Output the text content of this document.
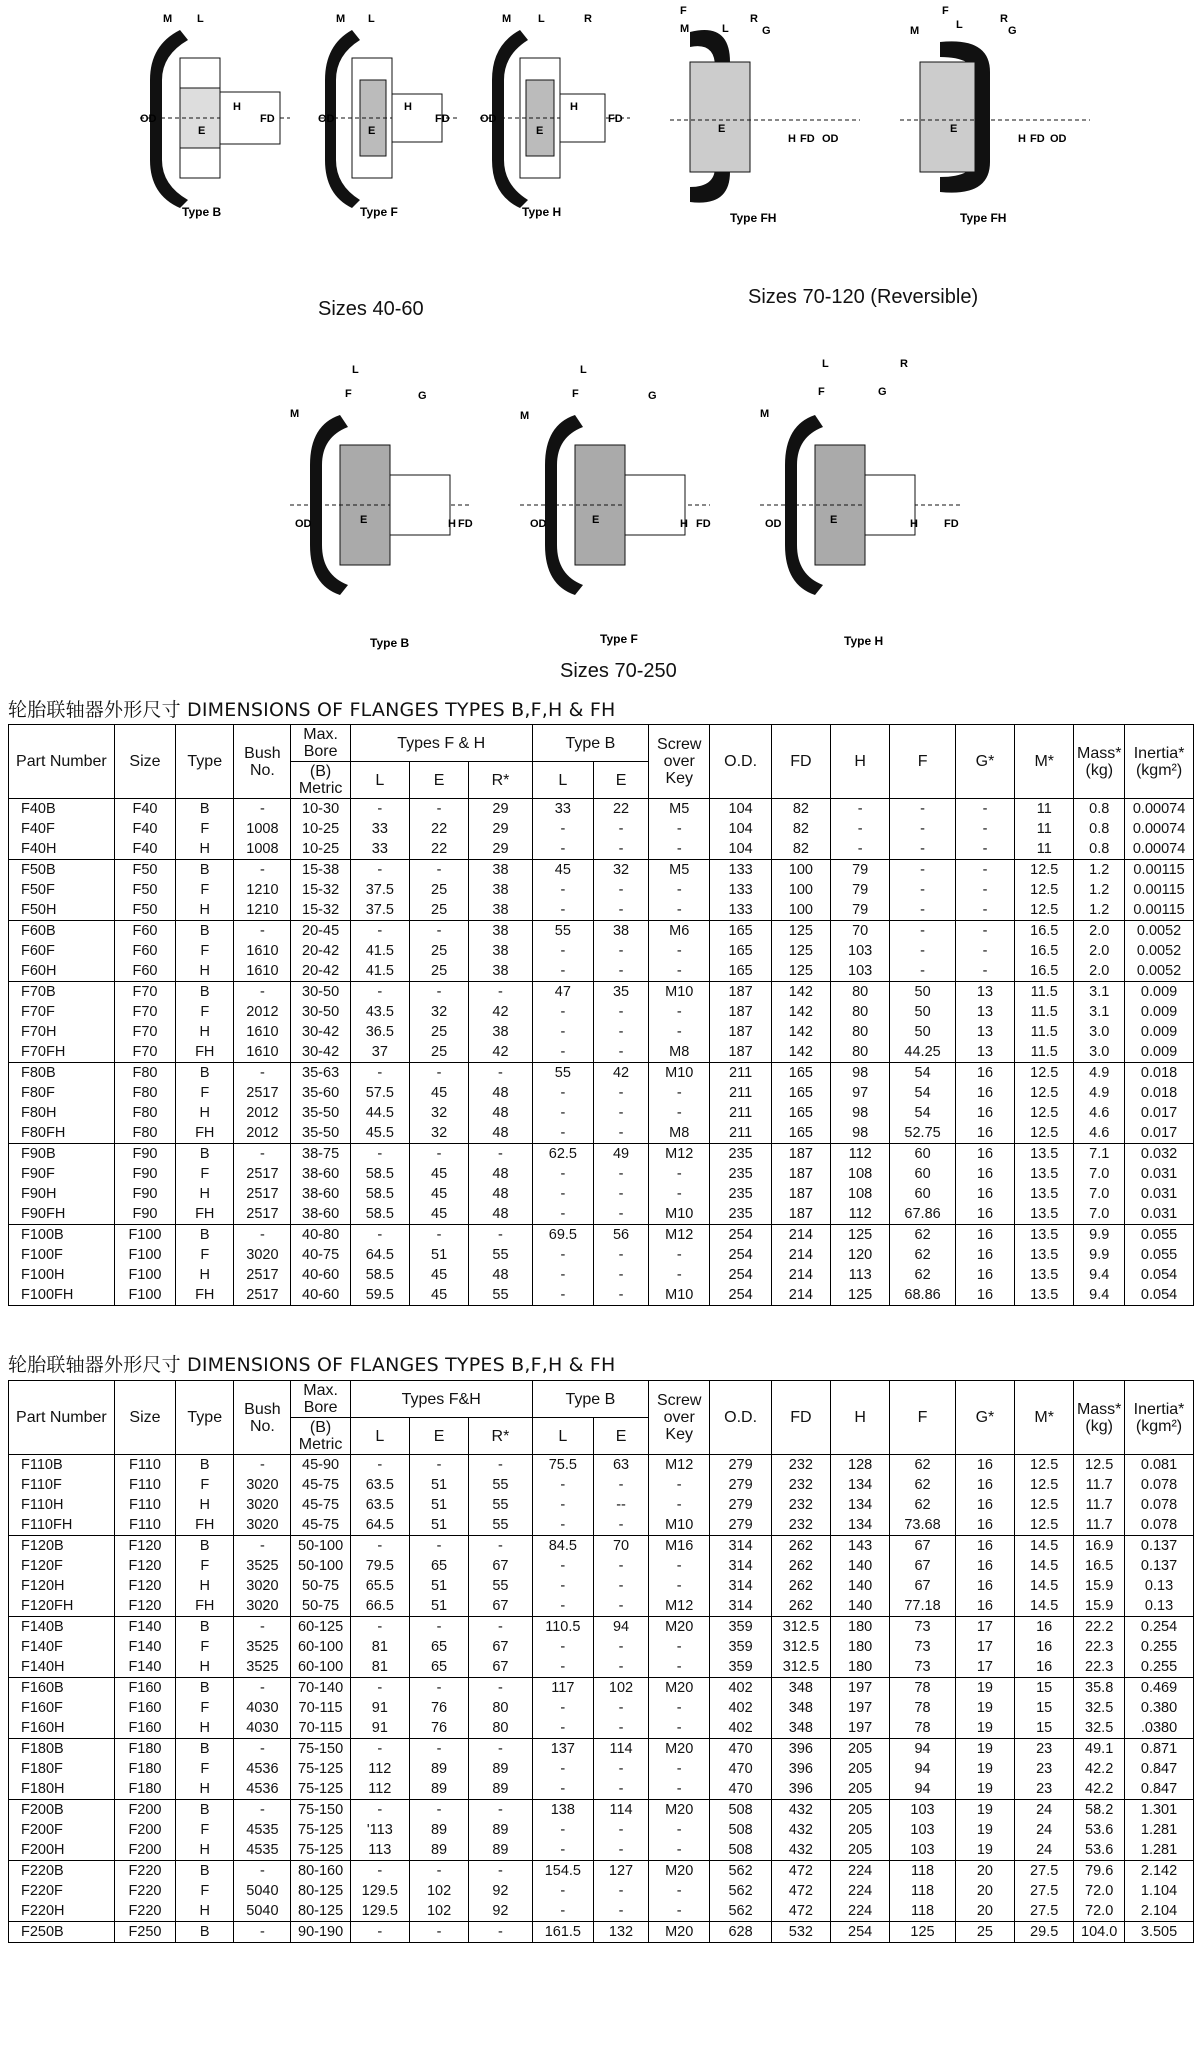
OD
H
FD
E
M L
Type B
OD
H
FD
E
M L
Type F
OD
H
FD
E
M L	R
Type H
F
R
M	L	G
E
H FD OD
Type FH
F
R
L	G
M
E
H FD OD
Type FH
Sizes 40-60
Sizes 70-120 (Reversible)
L
F	G
M
OD	E	H FD
Type B
L
F	G
M
OD	E	H FD
Type F
L	R
F	G
M
OD	E	H FD
Type H
Sizes 70-250
轮胎联轴器外形尺寸 DIMENSIONS OF FLANGES TYPES B,F,H & FH
Part Number	Size	Type	Bush No.	Max. Bore	Types F & H			Type B		Screw over Key	O.D.	FD	H	F	G*	M*	Mass* (kg)	Inertia* (kgm²)
				(B) Metric	L	E	R*	L	E									
F40B	F40	B	-	10-30	-	-	29	33	22	M5	104	82	-	-	-	11	0.8	0.00074
F40F	F40	F	1008	10-25	33	22	29	-	-	-	104	82	-	-	-	11	0.8	0.00074
F40H	F40	H	1008	10-25	33	22	29	-	-	-	104	82	-	-	-	11	0.8	0.00074
F50B	F50	B	-	15-38	-	-	38	45	32	M5	133	100	79	-	-	12.5	1.2	0.00115
F50F	F50	F	1210	15-32	37.5	25	38	-	-	-	133	100	79	-	-	12.5	1.2	0.00115
F50H	F50	H	1210	15-32	37.5	25	38	-	-	-	133	100	79	-	-	12.5	1.2	0.00115
F60B	F60	B	-	20-45	-	-	38	55	38	M6	165	125	70	-	-	16.5	2.0	0.0052
F60F	F60	F	1610	20-42	41.5	25	38	-	-	-	165	125	103	-	-	16.5	2.0	0.0052
F60H	F60	H	1610	20-42	41.5	25	38	-	-	-	165	125	103	-	-	16.5	2.0	0.0052
F70B	F70	B	-	30-50	-	-	-	47	35	M10	187	142	80	50	13	11.5	3.1	0.009
F70F	F70	F	2012	30-50	43.5	32	42	-	-	-	187	142	80	50	13	11.5	3.1	0.009
F70H	F70	H	1610	30-42	36.5	25	38	-	-	-	187	142	80	50	13	11.5	3.0	0.009
F70FH	F70	FH	1610	30-42	37	25	42	-	-	M8	187	142	80	44.25	13	11.5	3.0	0.009
F80B	F80	B	-	35-63	-	-	-	55	42	M10	211	165	98	54	16	12.5	4.9	0.018
F80F	F80	F	2517	35-60	57.5	45	48	-	-	-	211	165	97	54	16	12.5	4.9	0.018
F80H	F80	H	2012	35-50	44.5	32	48	-	-	-	211	165	98	54	16	12.5	4.6	0.017
F80FH	F80	FH	2012	35-50	45.5	32	48	-	-	M8	211	165	98	52.75	16	12.5	4.6	0.017
F90B	F90	B	-	38-75	-	-	-	62.5	49	M12	235	187	112	60	16	13.5	7.1	0.032
F90F	F90	F	2517	38-60	58.5	45	48	-	-	-	235	187	108	60	16	13.5	7.0	0.031
F90H	F90	H	2517	38-60	58.5	45	48	-	-	-	235	187	108	60	16	13.5	7.0	0.031
F90FH	F90	FH	2517	38-60	58.5	45	48	-	-	M10	235	187	112	67.86	16	13.5	7.0	0.031
F100B	F100	B	-	40-80	-	-	-	69.5	56	M12	254	214	125	62	16	13.5	9.9	0.055
F100F	F100	F	3020	40-75	64.5	51	55	-	-	-	254	214	120	62	16	13.5	9.9	0.055
F100H	F100	H	2517	40-60	58.5	45	48	-	-	-	254	214	113	62	16	13.5	9.4	0.054
F100FH	F100	FH	2517	40-60	59.5	45	55	-	-	M10	254	214	125	68.86	16	13.5	9.4	0.054
轮胎联轴器外形尺寸 DIMENSIONS OF FLANGES TYPES B,F,H & FH
Part Number	Size	Type	Bush No.	Max. Bore	Types F&H			Type B		Screw over Key	O.D.	FD	H	F	G*	M*	Mass* (kg)	Inertia* (kgm²)
				(B) Metric	L	E	R*	L	E									
F110B	F110	B	-	45-90	-	-	-	75.5	63	M12	279	232	128	62	16	12.5	12.5	0.081
F110F	F110	F	3020	45-75	63.5	51	55	-	-	-	279	232	134	62	16	12.5	11.7	0.078
F110H	F110	H	3020	45-75	63.5	51	55	-	--	-	279	232	134	62	16	12.5	11.7	0.078
F110FH	F110	FH	3020	45-75	64.5	51	55	-	-	M10	279	232	134	73.68	16	12.5	11.7	0.078
F120B	F120	B	-	50-100	-	-	-	84.5	70	M16	314	262	143	67	16	14.5	16.9	0.137
F120F	F120	F	3525	50-100	79.5	65	67	-	-	-	314	262	140	67	16	14.5	16.5	0.137
F120H	F120	H	3020	50-75	65.5	51	55	-	-	-	314	262	140	67	16	14.5	15.9	0.13
F120FH	F120	FH	3020	50-75	66.5	51	67	-	-	M12	314	262	140	77.18	16	14.5	15.9	0.13
F140B	F140	B	-	60-125	-	-	-	110.5	94	M20	359	312.5	180	73	17	16	22.2	0.254
F140F	F140	F	3525	60-100	81	65	67	-	-	-	359	312.5	180	73	17	16	22.3	0.255
F140H	F140	H	3525	60-100	81	65	67	-	-	-	359	312.5	180	73	17	16	22.3	0.255
F160B	F160	B	-	70-140	-	-	-	117	102	M20	402	348	197	78	19	15	35.8	0.469
F160F	F160	F	4030	70-115	91	76	80	-	-	-	402	348	197	78	19	15	32.5	0.380
F160H	F160	H	4030	70-115	91	76	80	-	-	-	402	348	197	78	19	15	32.5	.0380
F180B	F180	B	-	75-150	-	-	-	137	114	M20	470	396	205	94	19	23	49.1	0.871
F180F	F180	F	4536	75-125	112	89	89	-	-	-	470	396	205	94	19	23	42.2	0.847
F180H	F180	H	4536	75-125	112	89	89	-	-	-	470	396	205	94	19	23	42.2	0.847
F200B	F200	B	-	75-150	-	-	-	138	114	M20	508	432	205	103	19	24	58.2	1.301
F200F	F200	F	4535	75-125	'113	89	89	-	-	-	508	432	205	103	19	24	53.6	1.281
F200H	F200	H	4535	75-125	113	89	89	-	-	-	508	432	205	103	19	24	53.6	1.281
F220B	F220	B	-	80-160	-	-	-	154.5	127	M20	562	472	224	118	20	27.5	79.6	2.142
F220F	F220	F	5040	80-125	129.5	102	92	-	-	-	562	472	224	118	20	27.5	72.0	1.104
F220H	F220	H	5040	80-125	129.5	102	92	-	-	-	562	472	224	118	20	27.5	72.0	2.104
F250B	F250	B	-	90-190	-	-	-	161.5	132	M20	628	532	254	125	25	29.5	104.0	3.505
